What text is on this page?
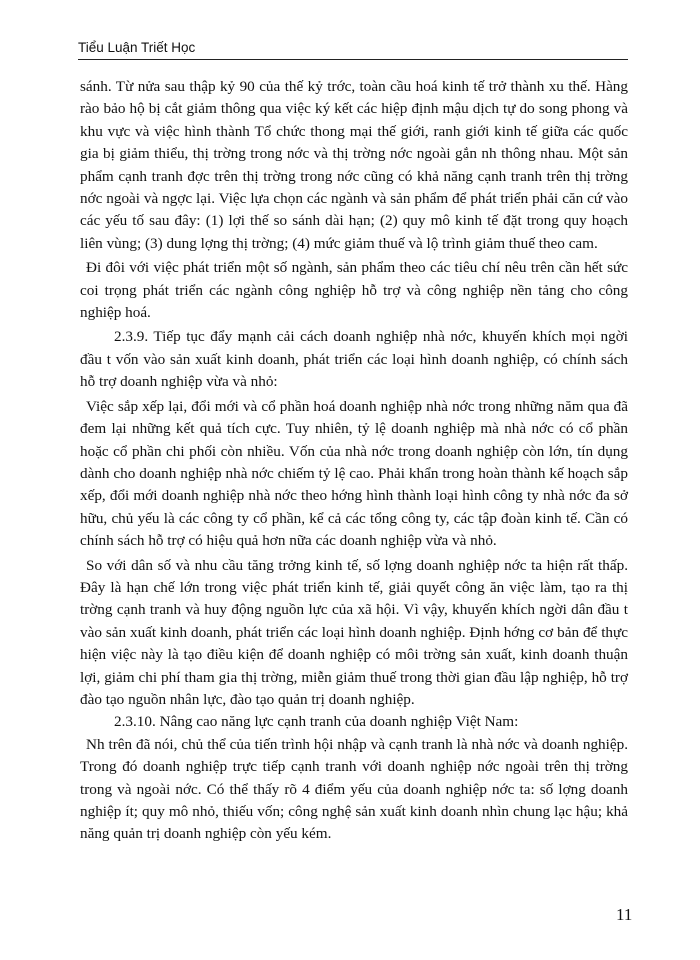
Tiểu Luận Triết Học

sánh. Từ nửa sau thập kỷ 90 của thế kỷ trớc, toàn cầu hoá kinh tế trở thành xu thế. Hàng rào bảo hộ bị cắt giảm thông qua việc ký kết các hiệp định mậu dịch tự do song phong và khu vực và việc hình thành Tổ chức thong mại thế giới, ranh giới kinh tế giữa các quốc gia bị giảm thiểu, thị trờng trong nớc và thị trờng nớc ngoài gắn nh thông nhau. Một sản phẩm cạnh tranh đợc trên thị trờng trong nớc cũng có khả năng cạnh tranh trên thị trờng nớc ngoài và ngợc lại. Việc lựa chọn các ngành và sản phẩm để phát triển phải căn cứ vào các yếu tố sau đây: (1) lợi thế so sánh dài hạn; (2) quy mô kinh tế đặt trong quy hoạch liên vùng; (3) dung lợng thị trờng; (4) mức giảm thuế và lộ trình giảm thuế theo cam.

Đi đôi với việc phát triển một số ngành, sản phẩm theo các tiêu chí nêu trên cần hết sức coi trọng phát triển các ngành công nghiệp hỗ trợ và công nghiệp nền tảng cho công nghiệp hoá.

2.3.9. Tiếp tục đẩy mạnh cải cách doanh nghiệp nhà nớc, khuyến khích mọi ngời đầu t vốn vào sản xuất kinh doanh, phát triển các loại hình doanh nghiệp, có chính sách hỗ trợ doanh nghiệp vừa và nhỏ:

Việc sắp xếp lại, đổi mới và cổ phần hoá doanh nghiệp nhà nớc trong những năm qua đã đem lại những kết quả tích cực. Tuy nhiên, tỷ lệ doanh nghiệp mà nhà nớc có cổ phần hoặc cổ phần chi phối còn nhiều. Vốn của nhà nớc trong doanh nghiệp còn lớn, tín dụng dành cho doanh nghiệp nhà nớc chiếm tỷ lệ cao. Phải khẩn trong hoàn thành kế hoạch sắp xếp, đổi mới doanh nghiệp nhà nớc theo hớng hình thành loại hình công ty nhà nớc đa sở hữu, chủ yếu là các công ty cổ phần, kể cả các tổng công ty, các tập đoàn kinh tế. Cần có chính sách hỗ trợ có hiệu quả hơn nữa các doanh nghiệp vừa và nhỏ.

So với dân số và nhu cầu tăng trởng kinh tế, số lợng doanh nghiệp nớc ta hiện rất thấp. Đây là hạn chế lớn trong việc phát triển kinh tế, giải quyết công ăn việc làm, tạo ra thị trờng cạnh tranh và huy động nguồn lực của xã hội. Vì vậy, khuyến khích ngời dân đầu t vào sản xuất kinh doanh, phát triển các loại hình doanh nghiệp. Định hớng cơ bản để thực hiện việc này là tạo điều kiện để doanh nghiệp có môi trờng sản xuất, kinh doanh thuận lợi, giảm chi phí tham gia thị trờng, miễn giảm thuế trong thời gian đầu lập nghiệp, hỗ trợ đào tạo nguồn nhân lực, đào tạo quản trị doanh nghiệp.

2.3.10. Nâng cao năng lực cạnh tranh của doanh nghiệp Việt Nam:

Nh trên đã nói, chủ thể của tiến trình hội nhập và cạnh tranh là nhà nớc và doanh nghiệp. Trong đó doanh nghiệp trực tiếp cạnh tranh với doanh nghiệp nớc ngoài trên thị trờng trong và ngoài nớc. Có thể thấy rõ 4 điểm yếu của doanh nghiệp nớc ta: số lợng doanh nghiệp ít; quy mô nhỏ, thiếu vốn; công nghệ sản xuất kinh doanh nhìn chung lạc hậu; khả năng quản trị doanh nghiệp còn yếu kém.

11
